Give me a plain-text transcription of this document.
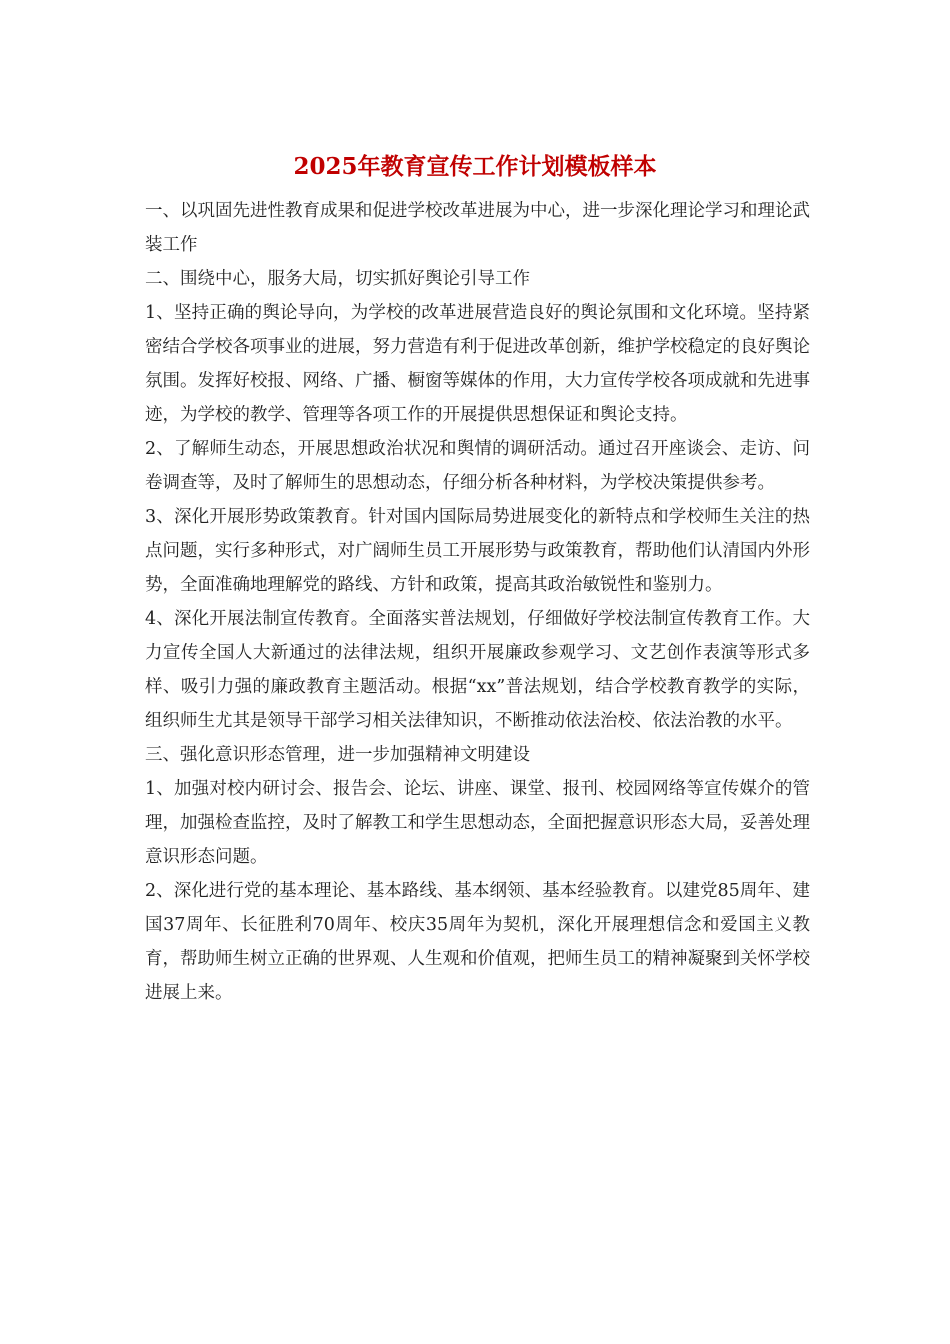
2025年教育宣传工作计划模板样本

一、以巩固先进性教育成果和促进学校改革进展为中心，进一步深化理论学习和理论武装工作

二、围绕中心，服务大局，切实抓好舆论引导工作

1、坚持正确的舆论导向，为学校的改革进展营造良好的舆论氛围和文化环境。坚持紧密结合学校各项事业的进展，努力营造有利于促进改革创新，维护学校稳定的良好舆论氛围。发挥好校报、网络、广播、橱窗等媒体的作用，大力宣传学校各项成就和先进事迹，为学校的教学、管理等各项工作的开展提供思想保证和舆论支持。

2、了解师生动态，开展思想政治状况和舆情的调研活动。通过召开座谈会、走访、问卷调查等，及时了解师生的思想动态，仔细分析各种材料，为学校决策提供参考。

3、深化开展形势政策教育。针对国内国际局势进展变化的新特点和学校师生关注的热点问题，实行多种形式，对广阔师生员工开展形势与政策教育，帮助他们认清国内外形势，全面准确地理解党的路线、方针和政策，提高其政治敏锐性和鉴别力。

4、深化开展法制宣传教育。全面落实普法规划，仔细做好学校法制宣传教育工作。大力宣传全国人大新通过的法律法规，组织开展廉政参观学习、文艺创作表演等形式多样、吸引力强的廉政教育主题活动。根据“xx”普法规划，结合学校教育教学的实际，组织师生尤其是领导干部学习相关法律知识，不断推动依法治校、依法治教的水平。

三、强化意识形态管理，进一步加强精神文明建设

1、加强对校内研讨会、报告会、论坛、讲座、课堂、报刊、校园网络等宣传媒介的管理，加强检查监控，及时了解教工和学生思想动态，全面把握意识形态大局，妥善处理意识形态问题。

2、深化进行党的基本理论、基本路线、基本纲领、基本经验教育。以建党85周年、建国37周年、长征胜利70周年、校庆35周年为契机，深化开展理想信念和爱国主义教育，帮助师生树立正确的世界观、人生观和价值观，把师生员工的精神凝聚到关怀学校进展上来。
